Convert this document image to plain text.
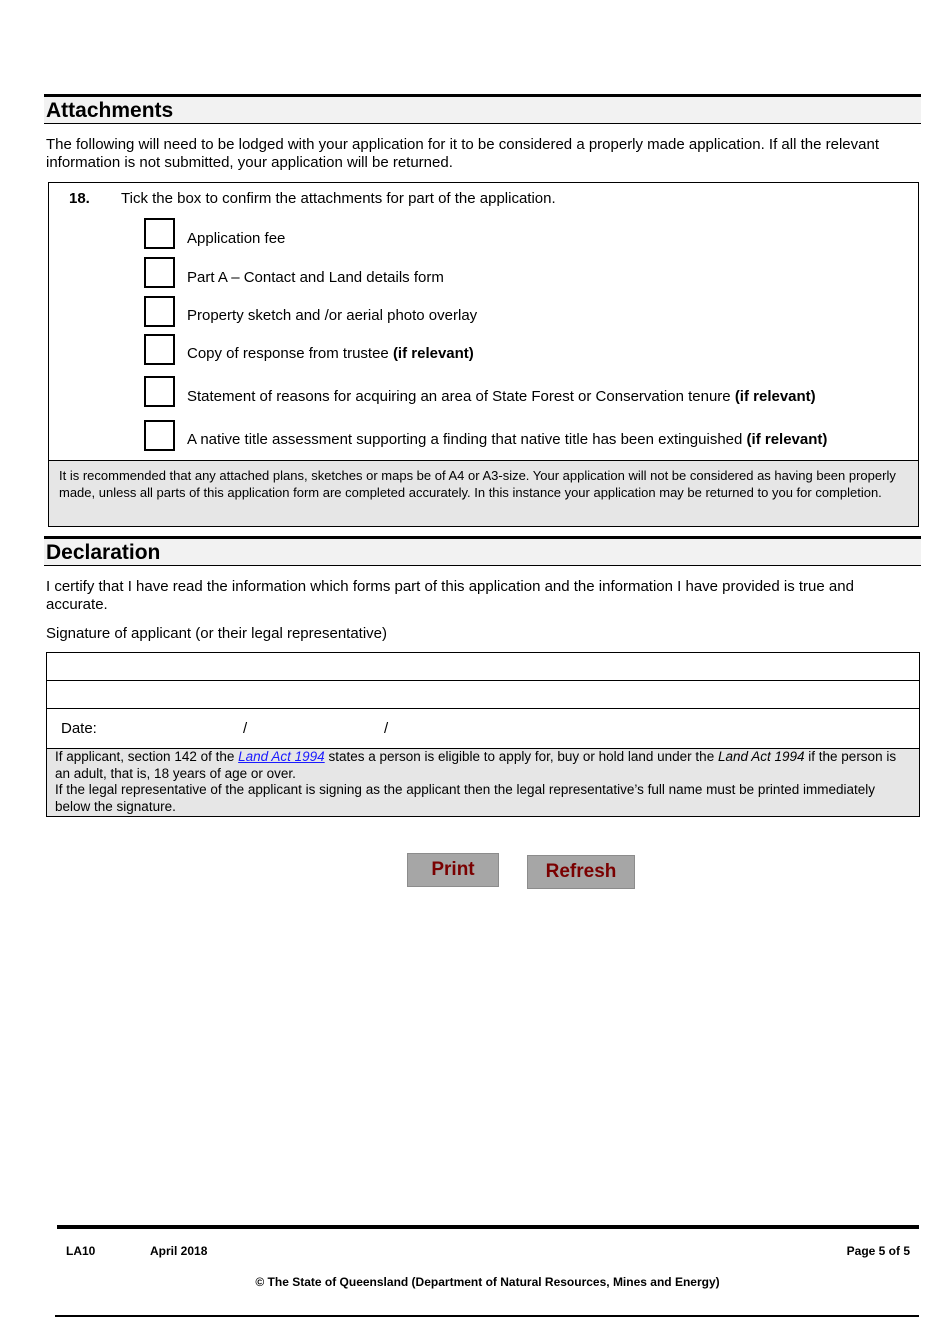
Attachments
The following will need to be lodged with your application for it to be considered a properly made application. If all the relevant information is not submitted, your application will be returned.
18. Tick the box to confirm the attachments for part of the application.
Application fee
Part A – Contact and Land details form
Property sketch and /or aerial photo overlay
Copy of response from trustee (if relevant)
Statement of reasons for acquiring an area of State Forest or Conservation tenure (if relevant)
A native title assessment supporting a finding that native title has been extinguished (if relevant)
It is recommended that any attached plans, sketches or maps be of A4 or A3-size. Your application will not be considered as having been properly made, unless all parts of this application form are completed accurately. In this instance your application may be returned to you for completion.
Declaration
I certify that I have read the information which forms part of this application and the information I have provided is true and accurate.
Signature of applicant (or their legal representative)
Date:	/	/
If applicant, section 142 of the Land Act 1994 states a person is eligible to apply for, buy or hold land under the Land Act 1994 if the person is an adult, that is, 18 years of age or over.
If the legal representative of the applicant is signing as the applicant then the legal representative’s full name must be printed immediately below the signature.
Print	Refresh
LA10	April 2018	Page 5 of 5
© The State of Queensland (Department of Natural Resources, Mines and Energy)
